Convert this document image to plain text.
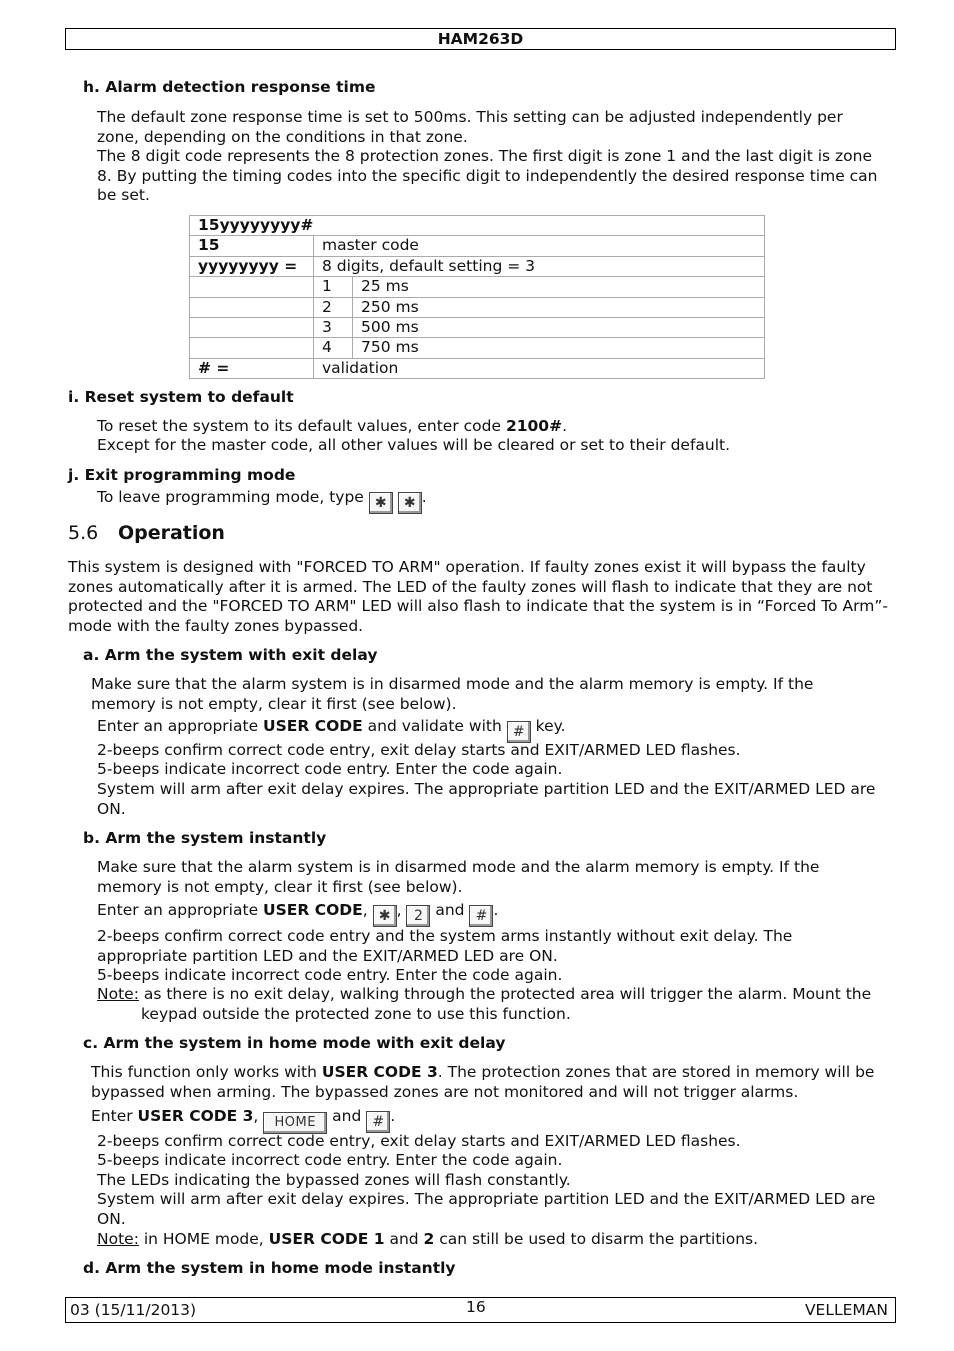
HAM263D
h. Alarm detection response time
The default zone response time is set to 500ms. This setting can be adjusted independently per zone, depending on the conditions in that zone.
The 8 digit code represents the 8 protection zones. The first digit is zone 1 and the last digit is zone 8. By putting the timing codes into the specific digit to independently the desired response time can be set.
15yyyyyyyy#		
15	master code	
yyyyyyyy =	8 digits, default setting = 3	
	1	25 ms
	2	250 ms
	3	500 ms
	4	750 ms
# =	validation	
i. Reset system to default
To reset the system to its default values, enter code 2100#.
Except for the master code, all other values will be cleared or set to their default.
j. Exit programming mode
To leave programming mode, type ✱ ✱ .
5.6 Operation
This system is designed with "FORCED TO ARM" operation. If faulty zones exist it will bypass the faulty zones automatically after it is armed. The LED of the faulty zones will flash to indicate that they are not protected and the "FORCED TO ARM" LED will also flash to indicate that the system is in “Forced To Arm”-mode with the faulty zones bypassed.
a. Arm the system with exit delay
Make sure that the alarm system is in disarmed mode and the alarm memory is empty. If the memory is not empty, clear it first (see below).
Enter an appropriate USER CODE and validate with # key.
2-beeps confirm correct code entry, exit delay starts and EXIT/ARMED LED flashes.
5-beeps indicate incorrect code entry. Enter the code again.
System will arm after exit delay expires. The appropriate partition LED and the EXIT/ARMED LED are ON.
b. Arm the system instantly
Make sure that the alarm system is in disarmed mode and the alarm memory is empty. If the memory is not empty, clear it first (see below).
Enter an appropriate USER CODE, ✱ , 2 and # .
2-beeps confirm correct code entry and the system arms instantly without exit delay. The appropriate partition LED and the EXIT/ARMED LED are ON.
5-beeps indicate incorrect code entry. Enter the code again.
Note: as there is no exit delay, walking through the protected area will trigger the alarm. Mount the keypad outside the protected zone to use this function.
c. Arm the system in home mode with exit delay
This function only works with USER CODE 3. The protection zones that are stored in memory will be bypassed when arming. The bypassed zones are not monitored and will not trigger alarms.
Enter USER CODE 3, HOME and # .
2-beeps confirm correct code entry, exit delay starts and EXIT/ARMED LED flashes.
5-beeps indicate incorrect code entry. Enter the code again.
The LEDs indicating the bypassed zones will flash constantly.
System will arm after exit delay expires. The appropriate partition LED and the EXIT/ARMED LED are ON.
Note: in HOME mode, USER CODE 1 and 2 can still be used to disarm the partitions.
d. Arm the system in home mode instantly
03 (15/11/2013)	16	VELLEMAN
